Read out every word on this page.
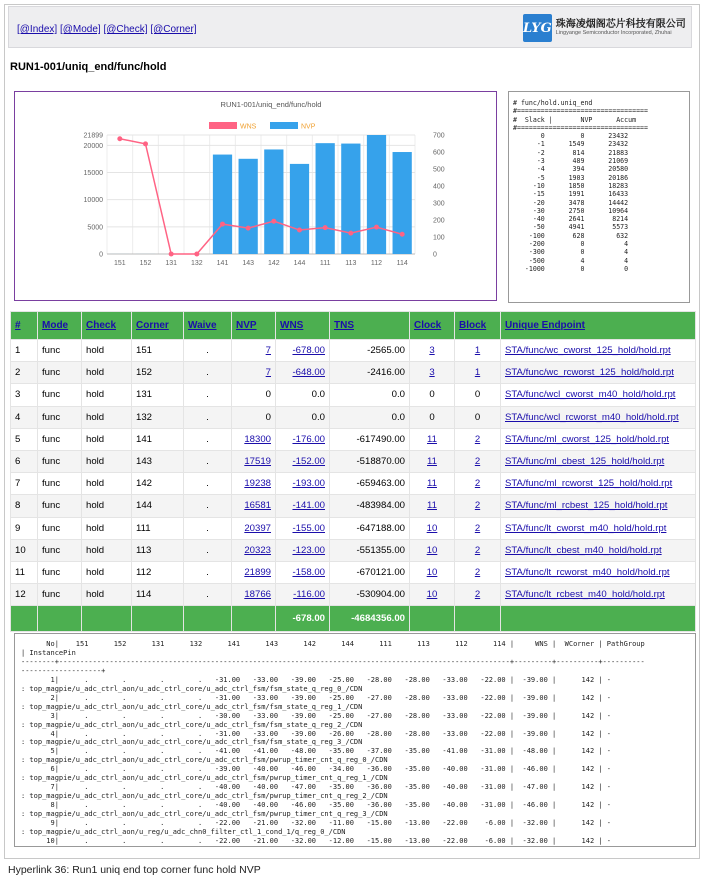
[@Index] [@Mode] [@Check] [@Corner]	LYG 珠海凌烟阁芯片科技有限公司
Lingyange Semiconductor Incorporated, Zhuhai
RUN1-001/uniq_end/func/hold
RUN1-001/uniq_end/func/hold
WNS	NVP
0
5000
10000
15000
20000
21899
0
100
200
300
400
500
600
700
151 152 131 132 141 143 142 144 111 113 112 114
# func/hold.uniq_end
#=================================
#  Slack |       NVP      Accum
#=================================
0         0      23432
-1      1549      23432
-2       814      21883
-3       489      21069
-4       394      20580
-5      1903      20186
-10      1850      18283
-15      1991      16433
-20      3478      14442
-30      2750      10964
-40      2641       8214
-50      4941       5573
-100       628        632
-200         0          4
-300         0          4
-500         4          4
-1000         0          0
#	Mode	Check	Corner	Waive	NVP	WNS	TNS	Clock	Block	Unique Endpoint
1	func	hold	151	.	7	-678.00	-2565.00	3	1	STA/func/wc_cworst_125_hold/hold.rpt
2	func	hold	152	.	7	-648.00	-2416.00	3	1	STA/func/wc_rcworst_125_hold/hold.rpt
3	func	hold	131	.	0	0.0	0.0	0	0	STA/func/wcl_cworst_m40_hold/hold.rpt
4	func	hold	132	.	0	0.0	0.0	0	0	STA/func/wcl_rcworst_m40_hold/hold.rpt
5	func	hold	141	.	18300	-176.00	-617490.00	11	2	STA/func/ml_cworst_125_hold/hold.rpt
6	func	hold	143	.	17519	-152.00	-518870.00	11	2	STA/func/ml_cbest_125_hold/hold.rpt
7	func	hold	142	.	19238	-193.00	-659463.00	11	2	STA/func/ml_rcworst_125_hold/hold.rpt
8	func	hold	144	.	16581	-141.00	-483984.00	11	2	STA/func/ml_rcbest_125_hold/hold.rpt
9	func	hold	111	.	20397	-155.00	-647188.00	10	2	STA/func/lt_cworst_m40_hold/hold.rpt
10	func	hold	113	.	20323	-123.00	-551355.00	10	2	STA/func/lt_cbest_m40_hold/hold.rpt
11	func	hold	112	.	21899	-158.00	-670121.00	10	2	STA/func/lt_rcworst_m40_hold/hold.rpt
12	func	hold	114	.	18766	-116.00	-530904.00	10	2	STA/func/lt_rcbest_m40_hold/hold.rpt
						-678.00	-4684356.00			
No|    151      152      131      132      141      143      142      144      111      113      112      114 |     WNS |  WCorner | PathGroup
| InstancePin
--------+-----------------------------------------------------------------------------------------------------------+---------+----------+----------
-------------------+
1|      .        .        .        .   -31.00   -33.00   -39.00   -25.00   -28.00   -28.00   -33.00   -22.00 |  -39.00 |      142 | -
: top_magpie/u_adc_ctrl_aon/u_adc_ctrl_core/u_adc_ctrl_fsm/fsm_state_q_reg_0_/CDN
2|      .        .        .        .   -31.00   -33.00   -39.00   -25.00   -27.00   -28.00   -33.00   -22.00 |  -39.00 |      142 | -
: top_magpie/u_adc_ctrl_aon/u_adc_ctrl_core/u_adc_ctrl_fsm/fsm_state_q_reg_1_/CDN
3|      .        .        .        .   -30.00   -33.00   -39.00   -25.00   -27.00   -28.00   -33.00   -22.00 |  -39.00 |      142 | -
: top_magpie/u_adc_ctrl_aon/u_adc_ctrl_core/u_adc_ctrl_fsm/fsm_state_q_reg_2_/CDN
4|      .        .        .        .   -31.00   -33.00   -39.00   -26.00   -28.00   -28.00   -33.00   -22.00 |  -39.00 |      142 | -
: top_magpie/u_adc_ctrl_aon/u_adc_ctrl_core/u_adc_ctrl_fsm/fsm_state_q_reg_3_/CDN
5|      .        .        .        .   -41.00   -41.00   -48.00   -35.00   -37.00   -35.00   -41.00   -31.00 |  -48.00 |      142 | -
: top_magpie/u_adc_ctrl_aon/u_adc_ctrl_core/u_adc_ctrl_fsm/pwrup_timer_cnt_q_reg_0_/CDN
6|      .        .        .        .   -39.00   -40.00   -46.00   -34.00   -36.00   -35.00   -40.00   -31.00 |  -46.00 |      142 | -
: top_magpie/u_adc_ctrl_aon/u_adc_ctrl_core/u_adc_ctrl_fsm/pwrup_timer_cnt_q_reg_1_/CDN
7|      .        .        .        .   -40.00   -40.00   -47.00   -35.00   -36.00   -35.00   -40.00   -31.00 |  -47.00 |      142 | -
: top_magpie/u_adc_ctrl_aon/u_adc_ctrl_core/u_adc_ctrl_fsm/pwrup_timer_cnt_q_reg_2_/CDN
8|      .        .        .        .   -40.00   -40.00   -46.00   -35.00   -36.00   -35.00   -40.00   -31.00 |  -46.00 |      142 | -
: top_magpie/u_adc_ctrl_aon/u_adc_ctrl_core/u_adc_ctrl_fsm/pwrup_timer_cnt_q_reg_3_/CDN
9|      .        .        .        .   -22.00   -21.00   -32.00   -11.00   -15.00   -13.00   -22.00    -6.00 |  -32.00 |      142 | -
: top_magpie/u_adc_ctrl_aon/u_reg/u_adc_chn0_filter_ctl_1_cond_1/q_reg_0_/CDN
10|      .        .        .        .   -22.00   -21.00   -32.00   -12.00   -15.00   -13.00   -22.00    -6.00 |  -32.00 |      142 | -
Hyperlink 36: Run1 uniq end top corner func hold NVP
